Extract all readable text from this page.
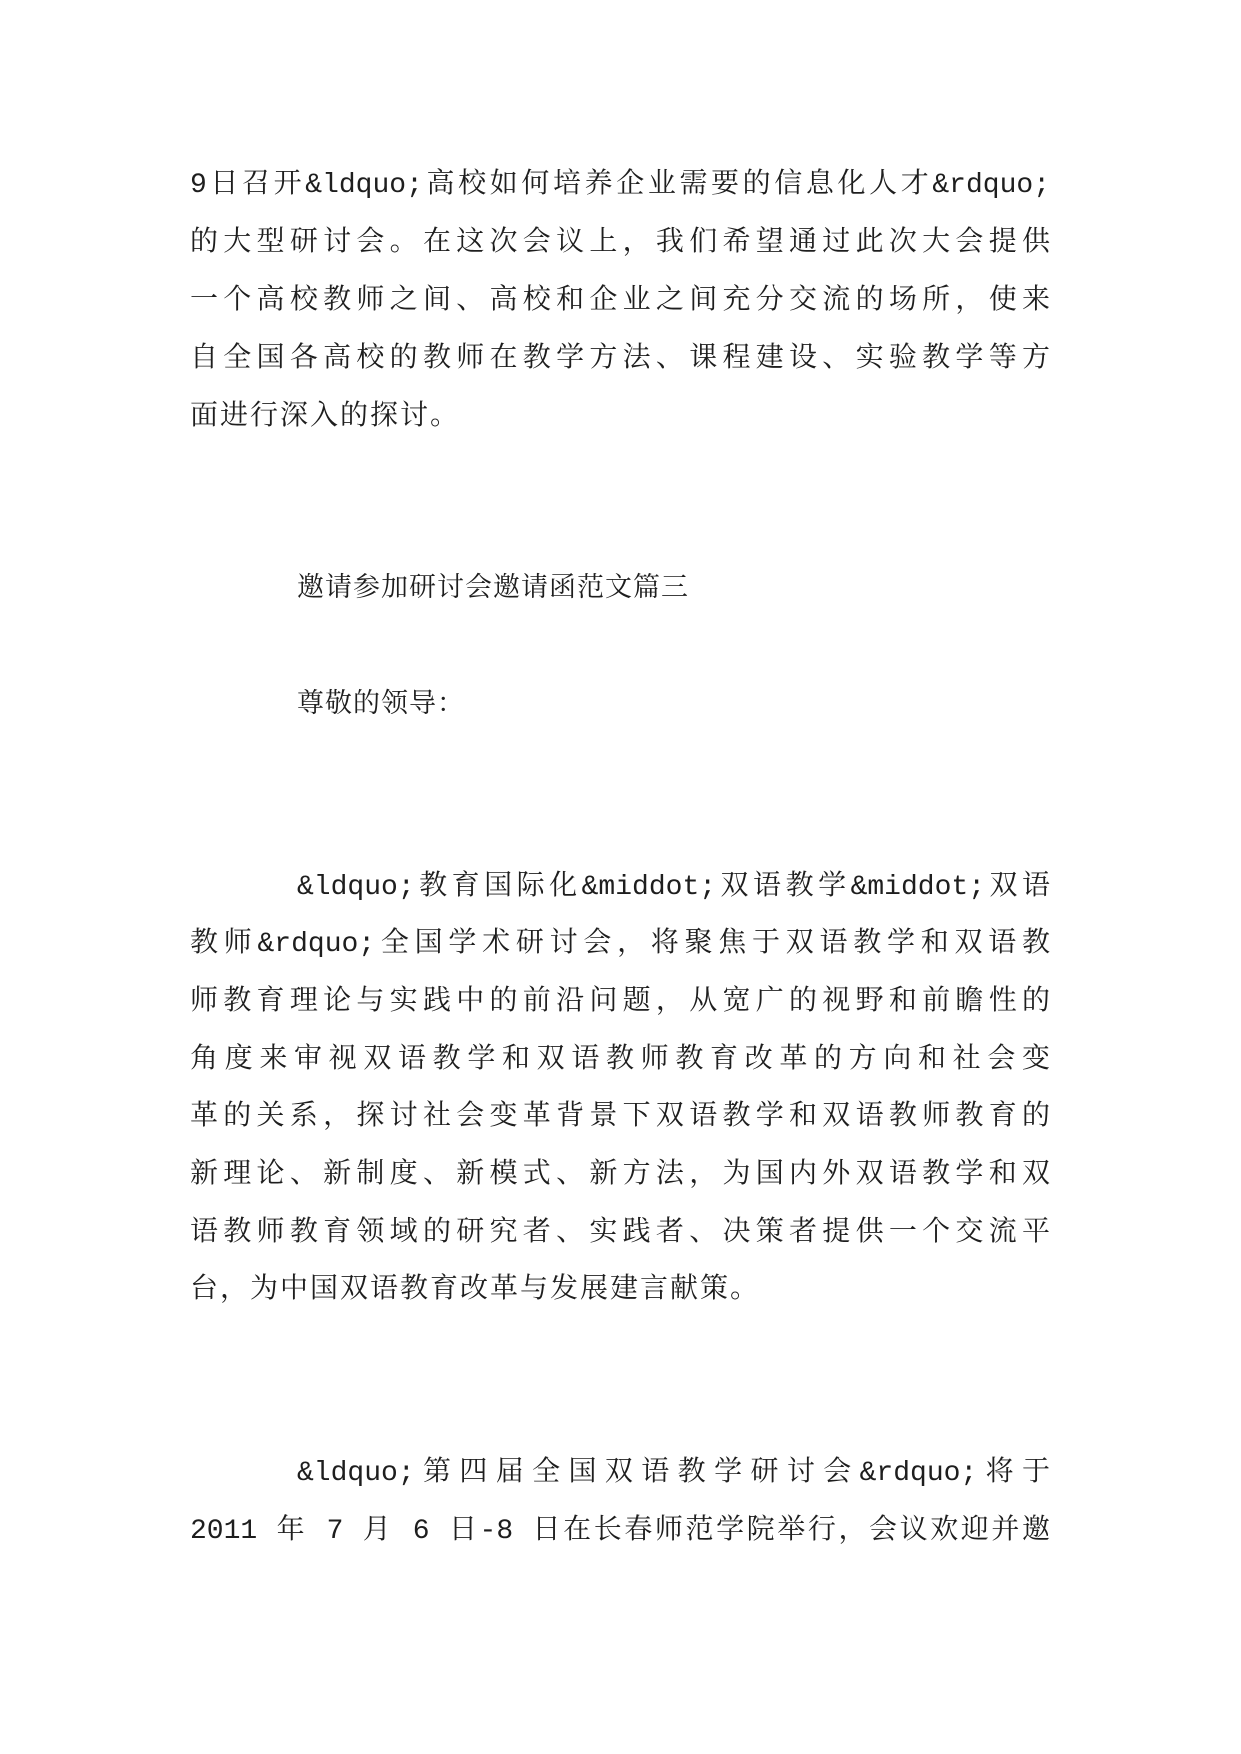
9日召开&ldquo;高校如何培养企业需要的信息化人才&rdquo;
的大型研讨会。在这次会议上，我们希望通过此次大会提供
一个高校教师之间、高校和企业之间充分交流的场所，使来
自全国各高校的教师在教学方法、课程建设、实验教学等方
面进行深入的探讨。
邀请参加研讨会邀请函范文篇三
尊敬的领导：
&ldquo;教育国际化&middot;双语教学&middot;双语
教师&rdquo;全国学术研讨会，将聚焦于双语教学和双语教
师教育理论与实践中的前沿问题，从宽广的视野和前瞻性的
角度来审视双语教学和双语教师教育改革的方向和社会变
革的关系，探讨社会变革背景下双语教学和双语教师教育的
新理论、新制度、新模式、新方法，为国内外双语教学和双
语教师教育领域的研究者、实践者、决策者提供一个交流平
台，为中国双语教育改革与发展建言献策。
&ldquo;第四届全国双语教学研讨会&rdquo;将于
2011 年 7 月 6 日-8 日在长春师范学院举行，会议欢迎并邀
